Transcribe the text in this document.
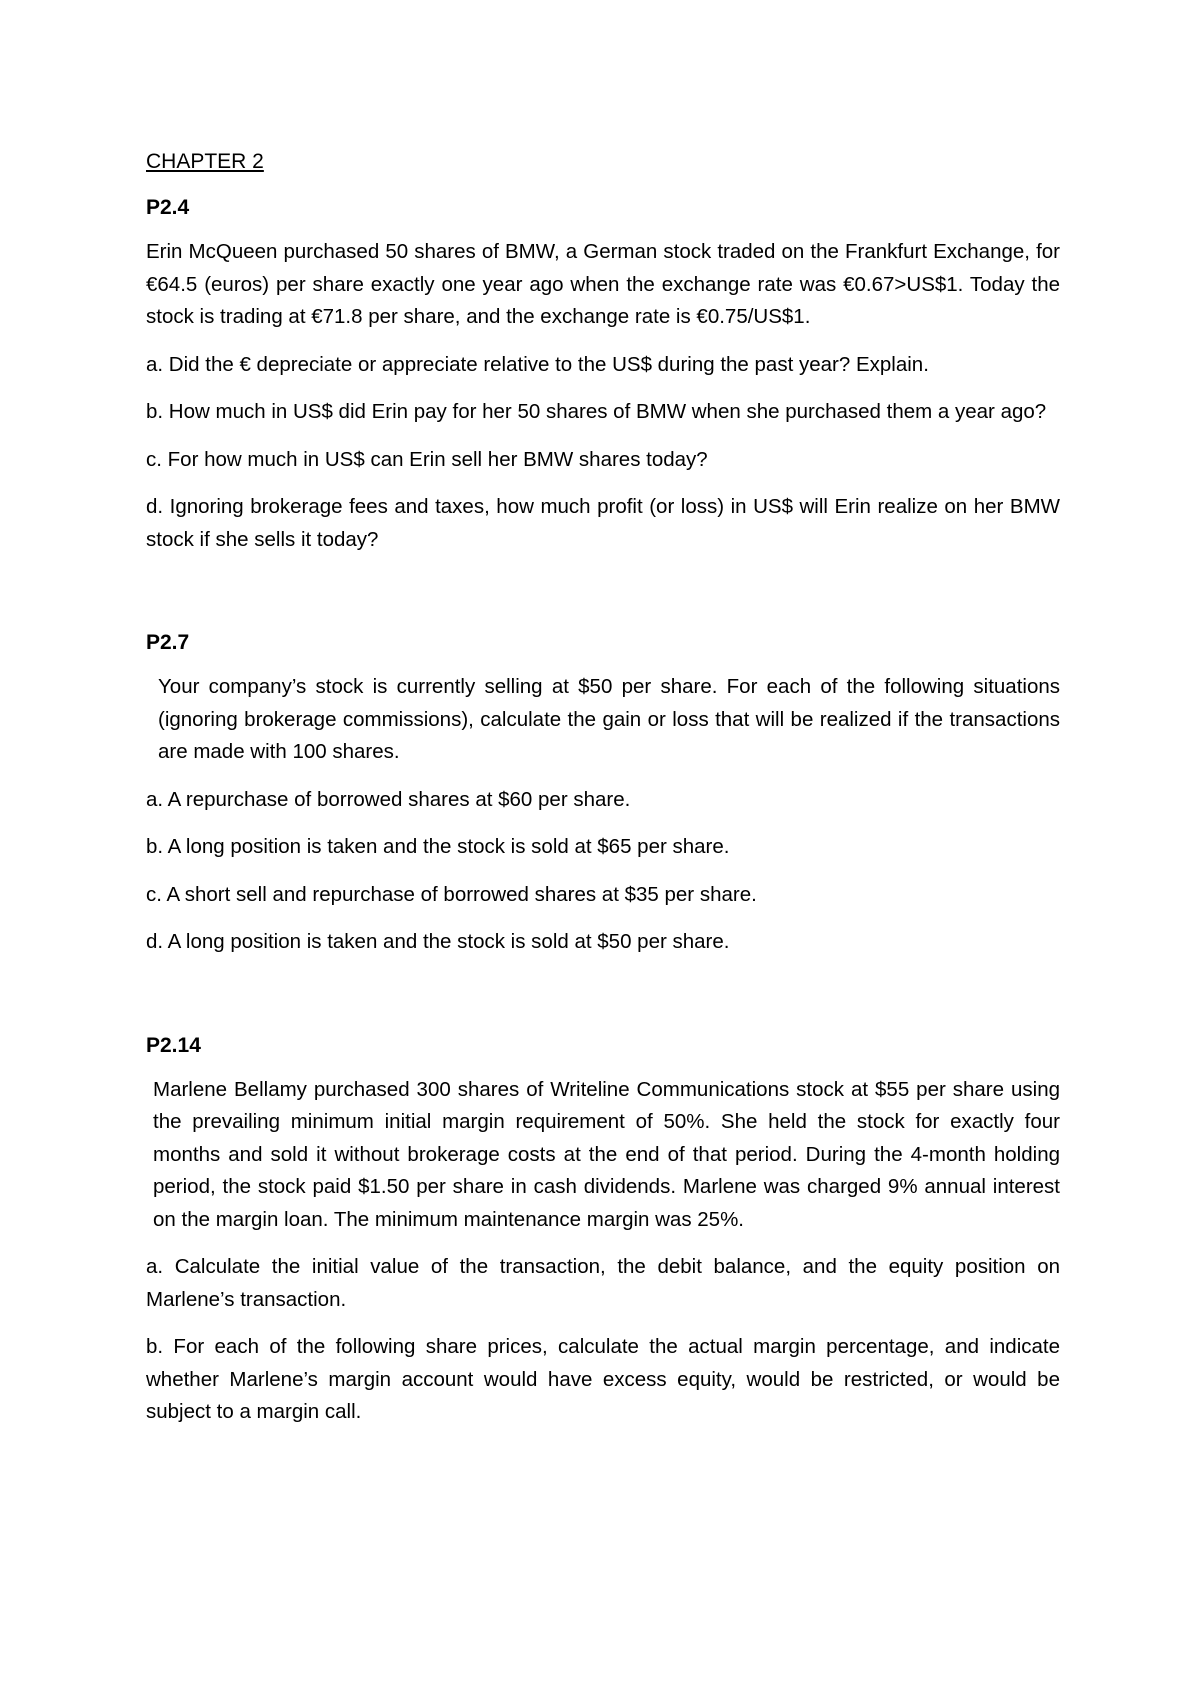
CHAPTER 2
P2.4

Erin McQueen purchased 50 shares of BMW, a German stock traded on the Frankfurt Exchange, for €64.5 (euros) per share exactly one year ago when the exchange rate was €0.67>US$1. Today the stock is trading at €71.8 per share, and the exchange rate is €0.75/US$1.

a. Did the € depreciate or appreciate relative to the US$ during the past year? Explain.

b. How much in US$ did Erin pay for her 50 shares of BMW when she purchased them a year ago?

c. For how much in US$ can Erin sell her BMW shares today?

d. Ignoring brokerage fees and taxes, how much profit (or loss) in US$ will Erin realize on her BMW stock if she sells it today?

P2.7

Your company’s stock is currently selling at $50 per share. For each of the following situations (ignoring brokerage commissions), calculate the gain or loss that will be realized if the transactions are made with 100 shares.

a. A repurchase of borrowed shares at $60 per share.

b. A long position is taken and the stock is sold at $65 per share.

c. A short sell and repurchase of borrowed shares at $35 per share.

d. A long position is taken and the stock is sold at $50 per share.

P2.14

Marlene Bellamy purchased 300 shares of Writeline Communications stock at $55 per share using the prevailing minimum initial margin requirement of 50%. She held the stock for exactly four months and sold it without brokerage costs at the end of that period. During the 4-month holding period, the stock paid $1.50 per share in cash dividends. Marlene was charged 9% annual interest on the margin loan. The minimum maintenance margin was 25%.

a. Calculate the initial value of the transaction, the debit balance, and the equity position on Marlene’s transaction.

b. For each of the following share prices, calculate the actual margin percentage, and indicate whether Marlene’s margin account would have excess equity, would be restricted, or would be subject to a margin call.
